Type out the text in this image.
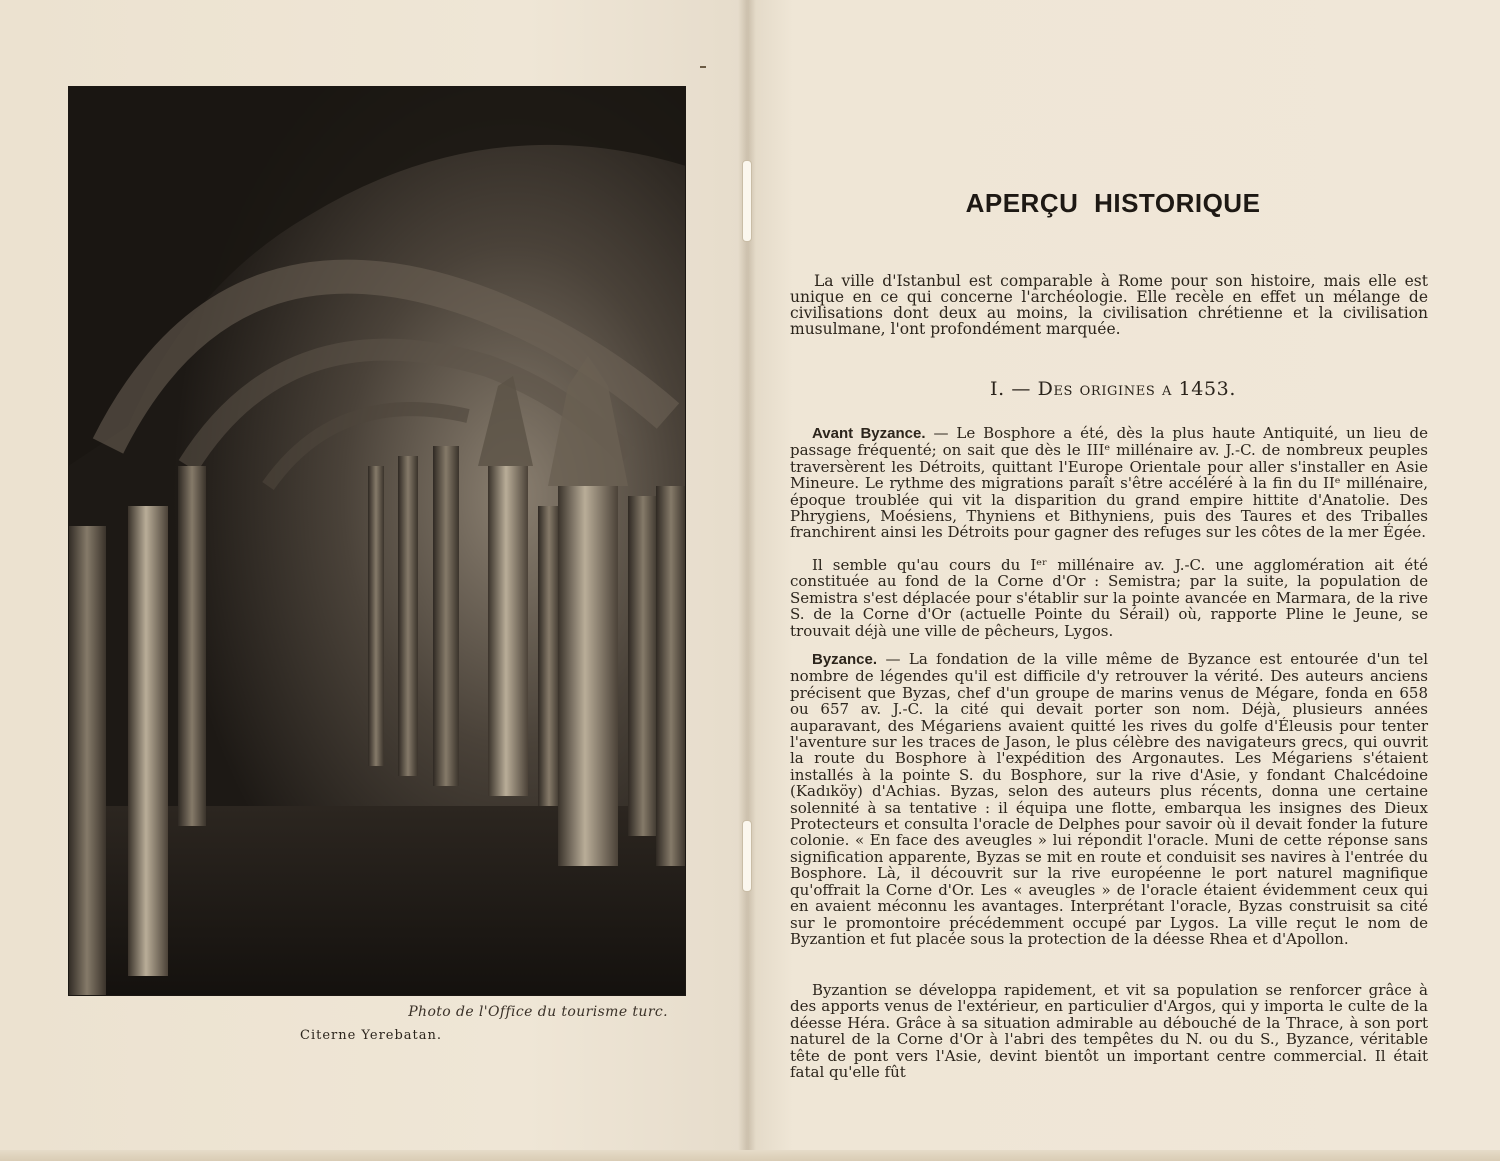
Photo de l'Office du tourisme turc.
Citerne Yerebatan.
APERÇU HISTORIQUE
La ville d'Istanbul est comparable à Rome pour son histoire, mais elle est unique en ce qui concerne l'archéologie. Elle recèle en effet un mélange de civilisations dont deux au moins, la civilisation chrétienne et la civilisation musulmane, l'ont profondément marquée.
I. — Des origines a 1453.
Avant Byzance. — Le Bosphore a été, dès la plus haute Antiquité, un lieu de passage fréquenté; on sait que dès le IIIᵉ millénaire av. J.-C. de nombreux peuples traversèrent les Détroits, quittant l'Europe Orientale pour aller s'installer en Asie Mineure. Le rythme des migrations paraît s'être accéléré à la fin du IIᵉ millénaire, époque troublée qui vit la disparition du grand empire hittite d'Anatolie. Des Phrygiens, Moésiens, Thyniens et Bithyniens, puis des Taures et des Triballes franchirent ainsi les Détroits pour gagner des refuges sur les côtes de la mer Égée.
Il semble qu'au cours du Iᵉʳ millénaire av. J.-C. une agglomération ait été constituée au fond de la Corne d'Or : Semistra; par la suite, la population de Semistra s'est déplacée pour s'établir sur la pointe avancée en Marmara, de la rive S. de la Corne d'Or (actuelle Pointe du Sérail) où, rapporte Pline le Jeune, se trouvait déjà une ville de pêcheurs, Lygos.
Byzance. — La fondation de la ville même de Byzance est entourée d'un tel nombre de légendes qu'il est difficile d'y retrouver la vérité. Des auteurs anciens précisent que Byzas, chef d'un groupe de marins venus de Mégare, fonda en 658 ou 657 av. J.-C. la cité qui devait porter son nom. Déjà, plusieurs années auparavant, des Mégariens avaient quitté les rives du golfe d'Éleusis pour tenter l'aventure sur les traces de Jason, le plus célèbre des navigateurs grecs, qui ouvrit la route du Bosphore à l'expédition des Argonautes. Les Mégariens s'étaient installés à la pointe S. du Bosphore, sur la rive d'Asie, y fondant Chalcédoine (Kadıköy) d'Achias. Byzas, selon des auteurs plus récents, donna une certaine solennité à sa tentative : il équipa une flotte, embarqua les insignes des Dieux Protecteurs et consulta l'oracle de Delphes pour savoir où il devait fonder la future colonie. « En face des aveugles » lui répondit l'oracle. Muni de cette réponse sans signification apparente, Byzas se mit en route et conduisit ses navires à l'entrée du Bosphore. Là, il découvrit sur la rive européenne le port naturel magnifique qu'offrait la Corne d'Or. Les « aveugles » de l'oracle étaient évidemment ceux qui en avaient méconnu les avantages. Interprétant l'oracle, Byzas construisit sa cité sur le promontoire précédemment occupé par Lygos. La ville reçut le nom de Byzantion et fut placée sous la protection de la déesse Rhea et d'Apollon.
Byzantion se développa rapidement, et vit sa population se renforcer grâce à des apports venus de l'extérieur, en particulier d'Argos, qui y importa le culte de la déesse Héra. Grâce à sa situation admirable au débouché de la Thrace, à son port naturel de la Corne d'Or à l'abri des tempêtes du N. ou du S., Byzance, véritable tête de pont vers l'Asie, devint bientôt un important centre commercial. Il était fatal qu'elle fût
